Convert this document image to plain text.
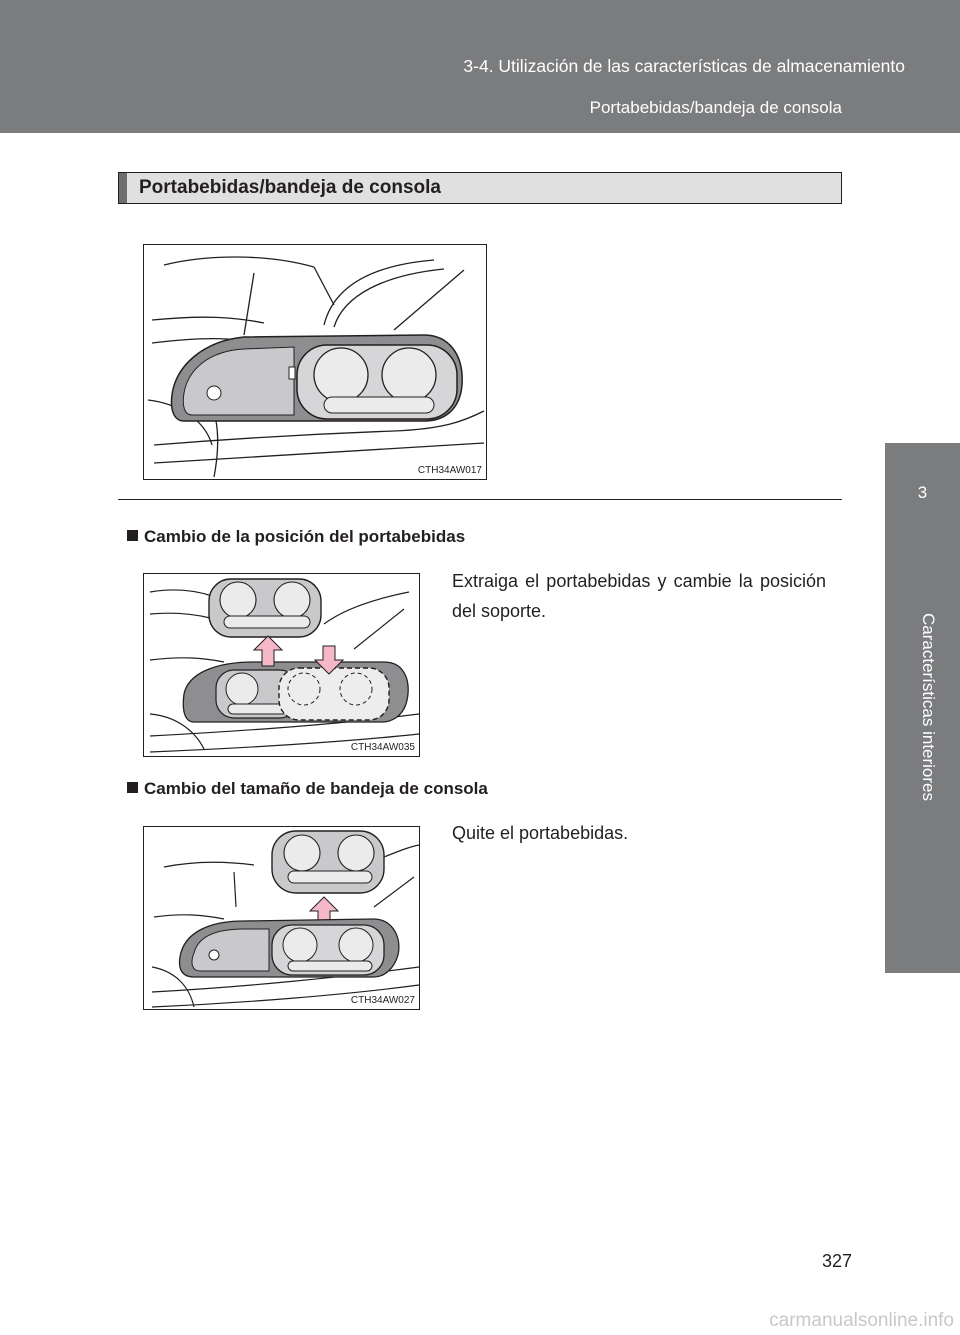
3-4. Utilización de las características de almacenamiento
Portabebidas/bandeja de consola
3
Características interiores
Portabebidas/bandeja de consola
CTH34AW017
Cambio de la posición del portabebidas
CTH34AW035
Extraiga el portabebidas y cambie la posición del soporte.
Cambio del tamaño de bandeja de consola
CTH34AW027
Quite el portabebidas.
327
carmanualsonline.info
